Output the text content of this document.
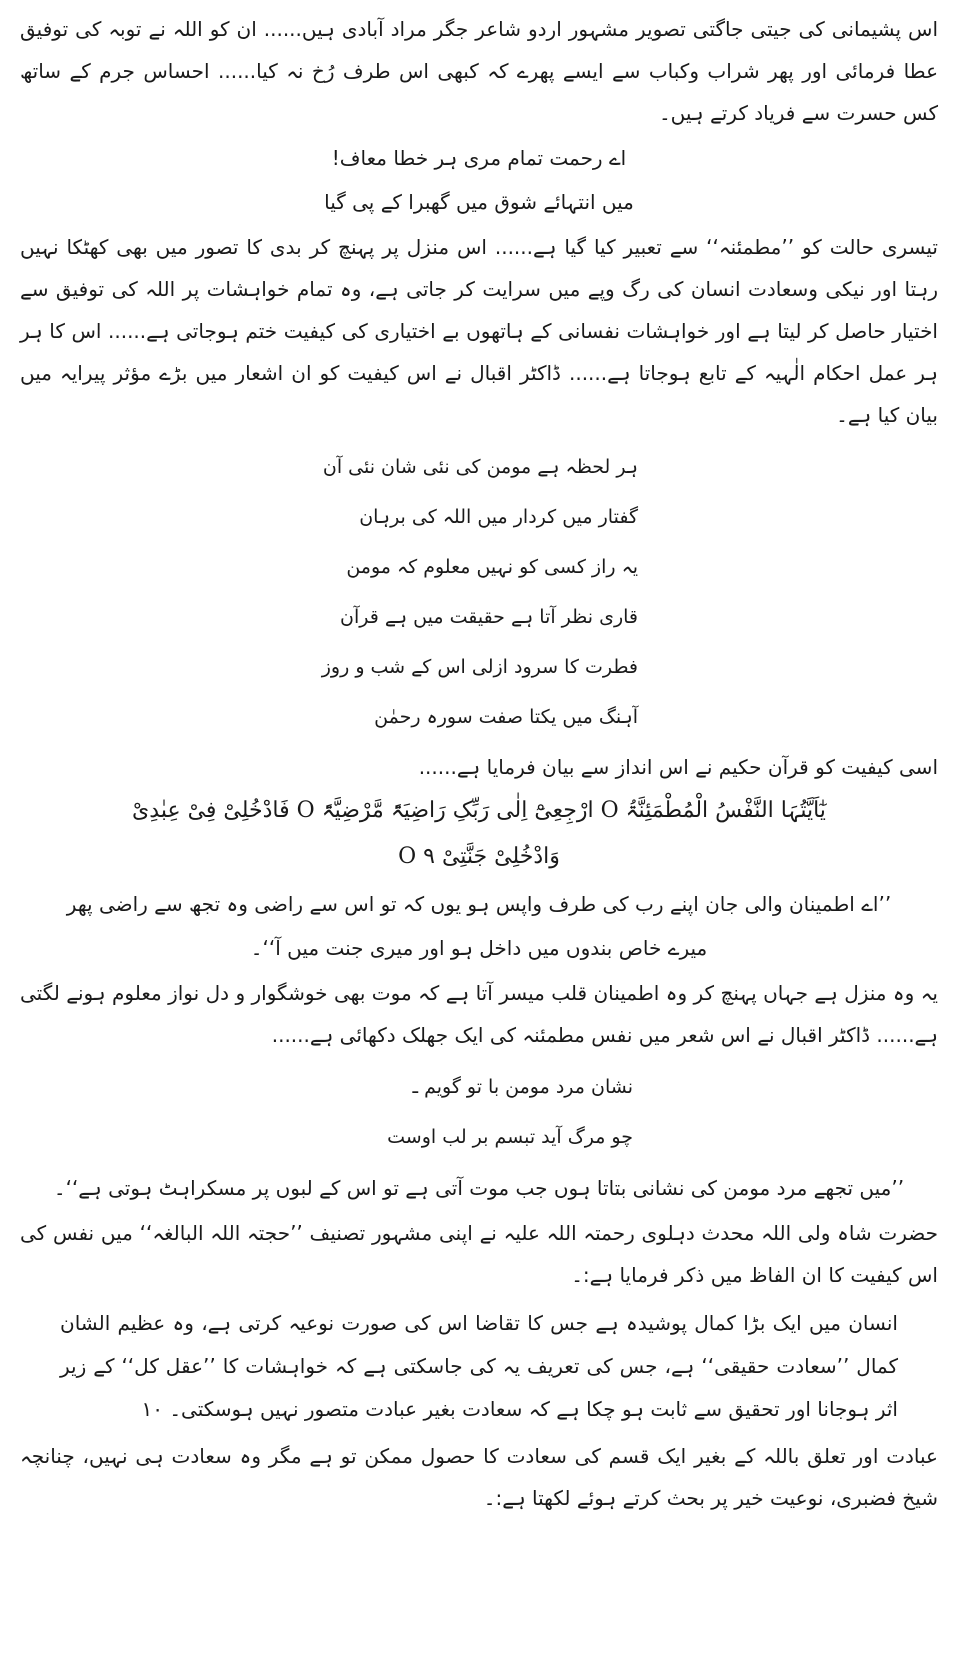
اس پشیمانی کی جیتی جاگتی تصویر مشہور اردو شاعر جگر مراد آبادی ہیں...... ان کو اللہ نے توبہ کی توفیق عطا فرمائی اور پھر شراب وکباب سے ایسے پھرے کہ کبھی اس طرف رُخ نہ کیا...... احساس جرم کے ساتھ کس حسرت سے فریاد کرتے ہیں۔

اے رحمت تمام مری ہر خطا معاف!

میں انتہائے شوق میں گھبرا کے پی گیا

تیسری حالت کو ’’مطمئنہ‘‘ سے تعبیر کیا گیا ہے...... اس منزل پر پہنچ کر بدی کا تصور میں بھی کھٹکا نہیں رہتا اور نیکی وسعادت انسان کی رگ وپے میں سرایت کر جاتی ہے، وہ تمام خواہشات پر اللہ کی توفیق سے اختیار حاصل کر لیتا ہے اور خواہشات نفسانی کے ہاتھوں بے اختیاری کی کیفیت ختم ہوجاتی ہے...... اس کا ہر ہر عمل احکام الٰہیہ کے تابع ہوجاتا ہے...... ڈاکٹر اقبال نے اس کیفیت کو ان اشعار میں بڑے مؤثر پیرایہ میں بیان کیا ہے۔

ہر لحظہ ہے مومن کی نئی شان نئی آن

گفتار میں کردار میں اللہ کی برہان

یہ راز کسی کو نہیں معلوم کہ مومن

قاری نظر آتا ہے حقیقت میں ہے قرآن

فطرت کا سرود ازلی اس کے شب و روز

آہنگ میں یکتا صفت سورہ رحمٰن

اسی کیفیت کو قرآن حکیم نے اس انداز سے بیان فرمایا ہے......

یٰٓاَیَّتُہَا النَّفْسُ الْمُطْمَئِنَّۃُ O ارْجِعِیْٓ اِلٰی رَبِّکِ رَاضِیَۃً مَّرْضِیَّۃً O فَادْخُلِیْ فِیْ عِبٰدِیْ

وَادْخُلِیْ جَنَّتِیْ O ۹

’’اے اطمینان والی جان اپنے رب کی طرف واپس ہو یوں کہ تو اس سے راضی وہ تجھ سے راضی پھر

میرے خاص بندوں میں داخل ہو اور میری جنت میں آ‘‘۔

یہ وہ منزل ہے جہاں پہنچ کر وہ اطمینان قلب میسر آتا ہے کہ موت بھی خوشگوار و دل نواز معلوم ہونے لگتی ہے...... ڈاکٹر اقبال نے اس شعر میں نفس مطمئنہ کی ایک جھلک دکھائی ہے......

نشان مرد مومن با تو گویم ـ

چو مرگ آید تبسم بر لب اوست

’’میں تجھے مرد مومن کی نشانی بتاتا ہوں جب موت آتی ہے تو اس کے لبوں پر مسکراہٹ ہوتی ہے‘‘۔

حضرت شاہ ولی اللہ محدث دہلوی رحمتہ اللہ علیہ نے اپنی مشہور تصنیف ’’حجتہ اللہ البالغہ‘‘ میں نفس کی اس کیفیت کا ان الفاظ میں ذکر فرمایا ہے:۔

انسان میں ایک بڑا کمال پوشیدہ ہے جس کا تقاضا اس کی صورت نوعیہ کرتی ہے، وہ عظیم الشان کمال ’’سعادت حقیقی‘‘ ہے، جس کی تعریف یہ کی جاسکتی ہے کہ خواہشات کا ’’عقل کل‘‘ کے زیر اثر ہوجانا اور تحقیق سے ثابت ہو چکا ہے کہ سعادت بغیر عبادت متصور نہیں ہوسکتی۔ ۱۰

عبادت اور تعلق باللہ کے بغیر ایک قسم کی سعادت کا حصول ممکن تو ہے مگر وہ سعادت ہی نہیں، چنانچہ شیخ فضبری، نوعیت خیر پر بحث کرتے ہوئے لکھتا ہے:۔
